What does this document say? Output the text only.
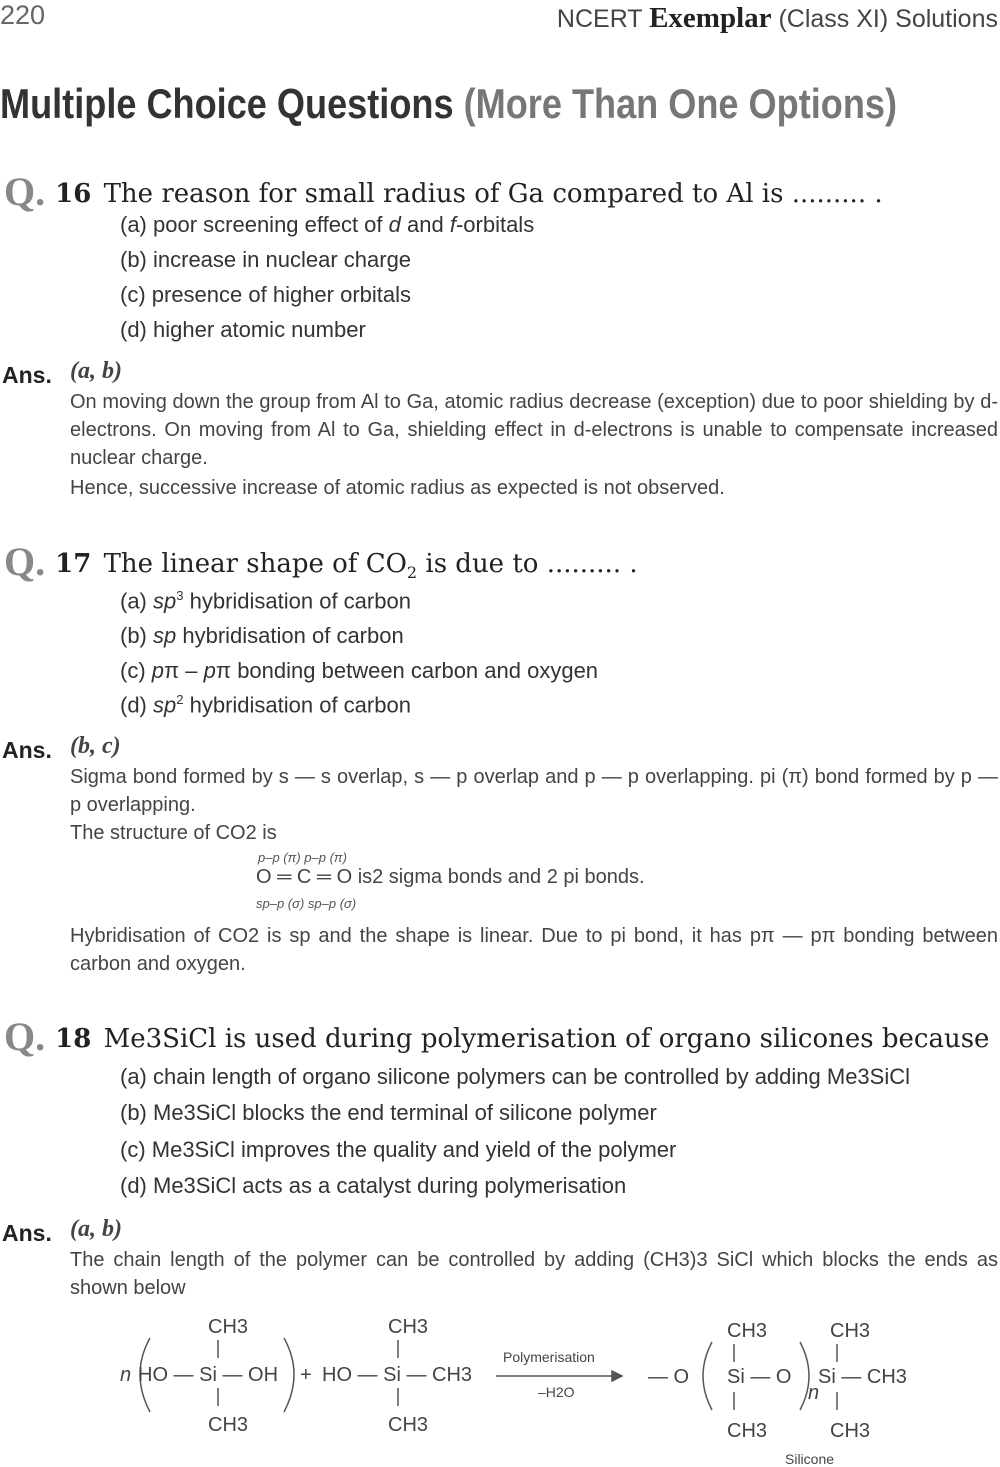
220	NCERT Exemplar (Class XI) Solutions
Multiple Choice Questions (More Than One Options)
Q. 16 The reason for small radius of Ga compared to Al is ......... .
(a) poor screening effect of d and f-orbitals
(b) increase in nuclear charge
(c) presence of higher orbitals
(d) higher atomic number
Ans. (a, b)
On moving down the group from Al to Ga, atomic radius decrease (exception) due to poor shielding by d-electrons. On moving from Al to Ga, shielding effect in d-electrons is unable to compensate increased nuclear charge.
Hence, successive increase of atomic radius as expected is not observed.
Q. 17 The linear shape of $CO_2$ is due to ......... .
(a) $sp^3$ hybridisation of carbon
(b) sp hybridisation of carbon
(c) pπ – pπ bonding between carbon and oxygen
(d) $sp^2$ hybridisation of carbon
Ans. (b, c)
Sigma bond formed by s — s overlap, s — p overlap and p — p overlapping. pi (π) bond formed by p — p overlapping.
The structure of CO2 is
p–p (π) p–p (π)
O ═ C ═ O is2 sigma bonds and 2 pi bonds.
sp–p (σ) sp–p (σ)
Hybridisation of CO2 is sp and the shape is linear. Due to pi bond, it has pπ — pπ bonding between carbon and oxygen.
Q. 18 Me3SiCl is used during polymerisation of organo silicones because
(a) chain length of organo silicone polymers can be controlled by adding Me3SiCl
(b) Me3SiCl blocks the end terminal of silicone polymer
(c) Me3SiCl improves the quality and yield of the polymer
(d) Me3SiCl acts as a catalyst during polymerisation
Ans. (a, b)
The chain length of the polymer can be controlled by adding (CH3)3 SiCl which blocks the ends as shown below
CH3	CH3	CH3	CH3
n HO — Si — OH + HO — Si — CH3
Polymerisation
–H2O
— O Si — O
n
Si — CH3
CH3	CH3	CH3	CH3
Silicone
